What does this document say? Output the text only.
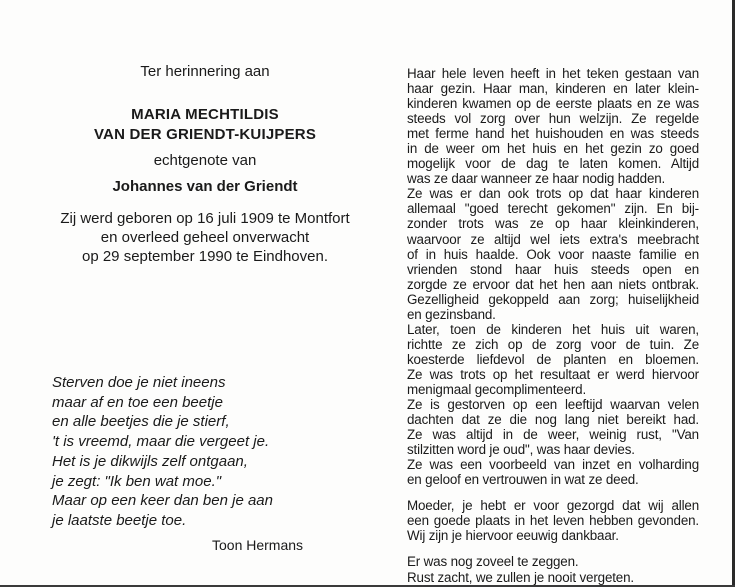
Ter herinnering aan

MARIA MECHTILDIS

VAN DER GRIENDT-KUIJPERS

echtgenote van

Johannes van der Griendt

Zij werd geboren op 16 juli 1909 te Montfort

en overleed geheel onverwacht

op 29 september 1990 te Eindhoven.

Sterven doe je niet ineens
maar af en toe een beetje
en alle beetjes die je stierf,
't is vreemd, maar die vergeet je.
Het is je dikwijls zelf ontgaan,
je zegt: "Ik ben wat moe."
Maar op een keer dan ben je aan
je laatste beetje toe.
Toon Hermans
Haar hele leven heeft in het teken gestaan van
haar gezin. Haar man, kinderen en later klein-
kinderen kwamen op de eerste plaats en ze was
steeds vol zorg over hun welzijn. Ze regelde
met ferme hand het huishouden en was steeds
in de weer om het huis en het gezin zo goed
mogelijk voor de dag te laten komen. Altijd
was ze daar wanneer ze haar nodig hadden.
Ze was er dan ook trots op dat haar kinderen
allemaal "goed terecht gekomen" zijn. En bij-
zonder trots was ze op haar kleinkinderen,
waarvoor ze altijd wel iets extra's meebracht
of in huis haalde. Ook voor naaste familie en
vrienden stond haar huis steeds open en
zorgde ze ervoor dat het hen aan niets ontbrak.
Gezelligheid gekoppeld aan zorg; huiselijkheid
en gezinsband.
Later, toen de kinderen het huis uit waren,
richtte ze zich op de zorg voor de tuin. Ze
koesterde liefdevol de planten en bloemen.
Ze was trots op het resultaat er werd hiervoor
menigmaal gecomplimenteerd.
Ze is gestorven op een leeftijd waarvan velen
dachten dat ze die nog lang niet bereikt had.
Ze was altijd in de weer, weinig rust, "Van
stilzitten word je oud", was haar devies.
Ze was een voorbeeld van inzet en volharding
en geloof en vertrouwen in wat ze deed.
Moeder, je hebt er voor gezorgd dat wij allen
een goede plaats in het leven hebben gevonden.
Wij zijn je hiervoor eeuwig dankbaar.
Er was nog zoveel te zeggen.
Rust zacht, we zullen je nooit vergeten.
